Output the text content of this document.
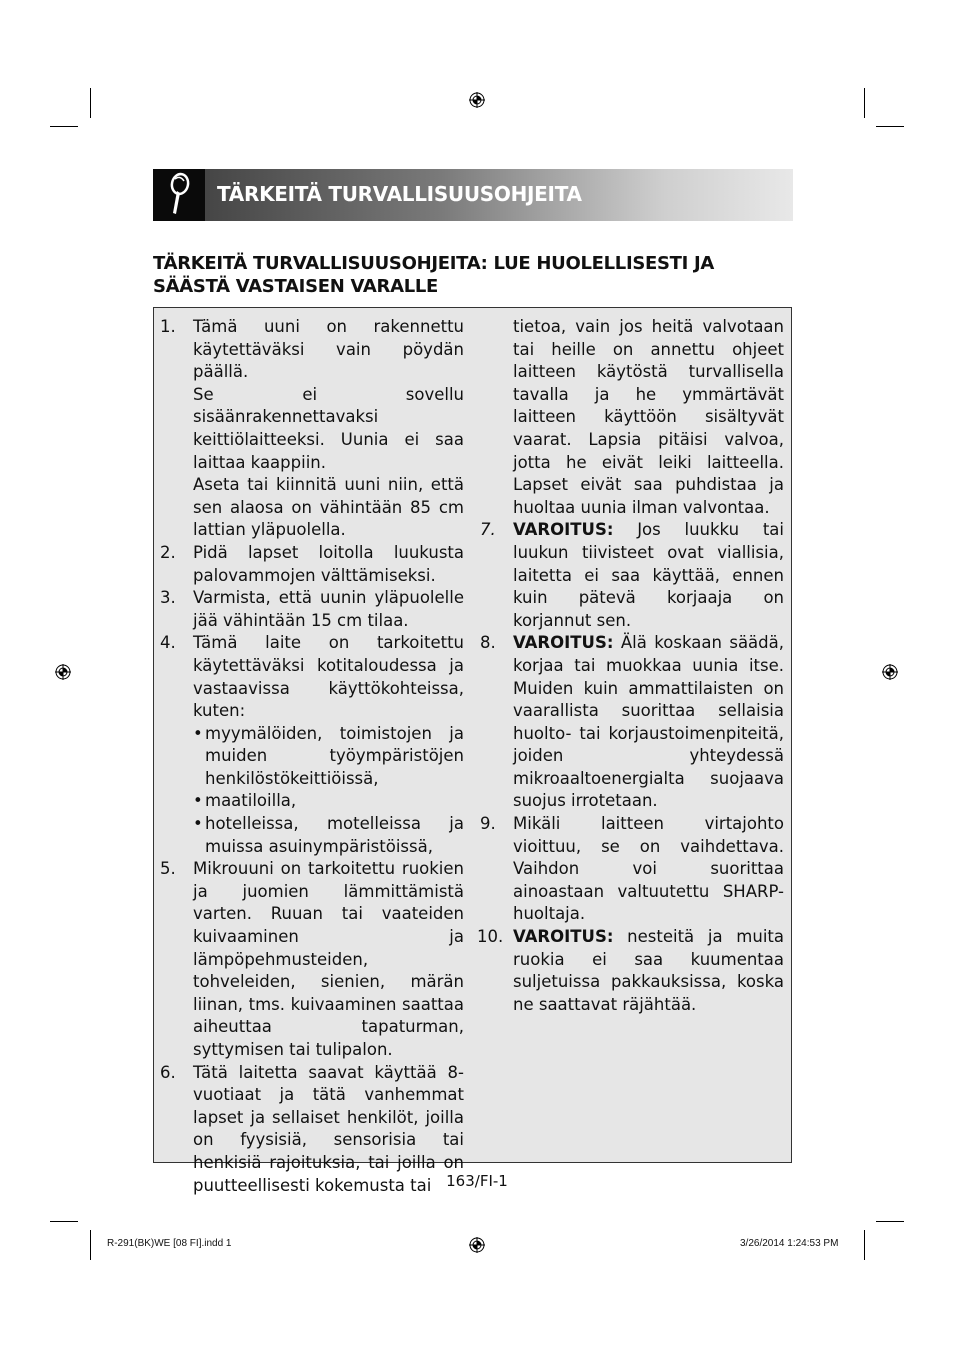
TÄRKEITÄ TURVALLISUUSOHJEITA
TÄRKEITÄ TURVALLISUUSOHJEITA: LUE HUOLELLISESTI JA
SÄÄSTÄ VASTAISEN VARALLE
1. Tämä uuni on rakennettu käytettäväksi vain pöydän päällä.

Se ei sovellu sisäänrakennettavaksi keittiölaitteeksi. Uunia ei saa laittaa kaappiin.

Aseta tai kiinnitä uuni niin, että sen alaosa on vähintään 85 cm lattian yläpuolella.

2. Pidä lapset loitolla luukusta palovammojen välttämiseksi.

3. Varmista, että uunin yläpuolelle jää vähintään 15 cm tilaa.

4. Tämä laite on tarkoitettu käytettäväksi kotitaloudessa ja vastaavissa käyttökohteissa, kuten:

• myymälöiden, toimistojen ja muiden työympäristöjen henkilöstökeittiöissä,
• maatiloilla,
• hotelleissa, motelleissa ja muissa asuinympäristöissä,
5. Mikrouuni on tarkoitettu ruokien ja juomien lämmittämistä varten. Ruuan tai vaateiden kuivaaminen ja lämpöpehmusteiden, tohveleiden, sienien, märän liinan, tms. kuivaaminen saattaa aiheuttaa tapaturman, syttymisen tai tulipalon.

6. Tätä laitetta saavat käyttää 8-vuotiaat ja tätä vanhemmat lapset ja sellaiset henkilöt, joilla on fyysisiä, sensorisia tai henkisiä rajoituksia, tai joilla on puutteellisesti kokemusta tai

tietoa, vain jos heitä valvotaan tai heille on annettu ohjeet laitteen käytöstä turvallisella tavalla ja he ymmärtävät laitteen käyttöön sisältyvät vaarat. Lapsia pitäisi valvoa, jotta he eivät leiki laitteella. Lapset eivät saa puhdistaa ja huoltaa uunia ilman valvontaa.

7. VAROITUS: Jos luukku tai luukun tiivisteet ovat viallisia, laitetta ei saa käyttää, ennen kuin pätevä korjaaja on korjannut sen.

8. VAROITUS: Älä koskaan säädä, korjaa tai muokkaa uunia itse. Muiden kuin ammattilaisten on vaarallista suorittaa sellaisia huolto- tai korjaustoimenpiteitä, joiden yhteydessä mikroaaltoenergialta suojaava suojus irrotetaan.

9. Mikäli laitteen virtajohto vioittuu, se on vaihdettava. Vaihdon voi suorittaa ainoastaan valtuutettu SHARP-huoltaja.

10. VAROITUS: nesteitä ja muita ruokia ei saa kuumentaa suljetuissa pakkauksissa, koska ne saattavat räjähtää.

163/FI-1
R-291(BK)WE [08 FI].indd 1	3/26/2014 1:24:53 PM
